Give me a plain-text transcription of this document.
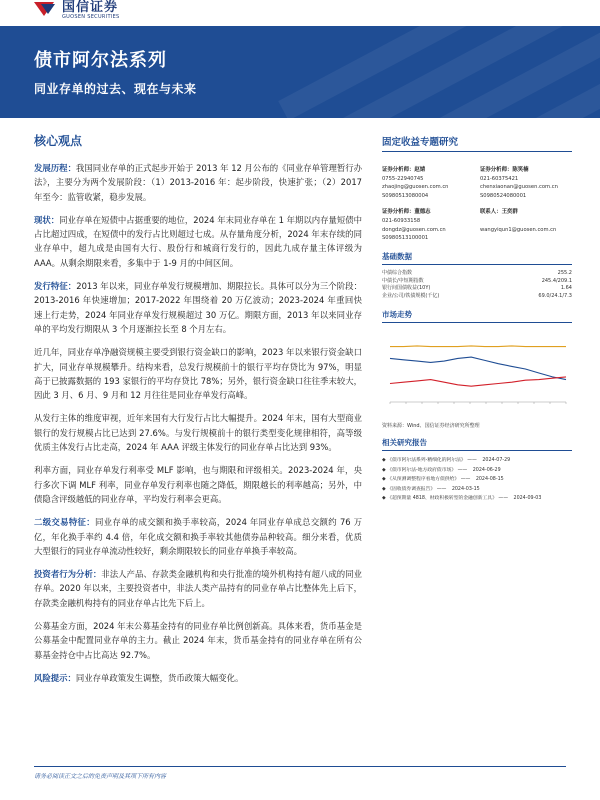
国信证券
GUOSEN SECURITIES
债市阿尔法系列
同业存单的过去、现在与未来
核心观点

发展历程：我国同业存单的正式起步开始于 2013 年 12 月公布的《同业存单管理暂行办法》，主要分为两个发展阶段：（1）2013-2016 年：起步阶段，快速扩张；（2）2017 年至今：监管收紧，稳步发展。

现状：同业存单在短债中占据重要的地位，2024 年末同业存单在 1 年期以内存量短债中占比超过四成，在短债中的发行占比则超过七成。从存量角度分析，2024 年末存续的同业存单中，超九成是由国有大行、股份行和城商行发行的，因此九成存量主体评级为 AAA。从剩余期限来看，多集中于 1-9 月的中间区间。

发行特征：2013 年以来，同业存单发行规模增加、期限拉长。具体可以分为三个阶段：2013-2016 年快速增加；2017-2022 年围绕着 20 万亿波动；2023-2024 年重回快速上行走势，2024 年同业存单发行规模超过 30 万亿。期限方面，2013 年以来同业存单的平均发行期限从 3 个月逐渐拉长至 8 个月左右。

近几年，同业存单净融资规模主要受到银行资金缺口的影响，2023 年以来银行资金缺口扩大，同业存单规模攀升。结构来看，总发行规模前十的银行平均存贷比为 97%，明显高于已披露数据的 193 家银行的平均存贷比 78%；另外，银行资金缺口往往季末较大，因此 3 月、6 月、9 月和 12 月往往是同业存单发行高峰。

从发行主体的维度审视，近年来国有大行发行占比大幅提升。2024 年末，国有大型商业银行的发行规模占比已达到 27.6%。与发行规模前十的银行类型变化规律相符，高等级优质主体发行占比走高，2024 年 AAA 评级主体发行的同业存单占比达到 93%。

利率方面，同业存单发行利率受 MLF 影响，也与期限和评级相关。2023-2024 年，央行多次下调 MLF 利率，同业存单发行利率也随之降低，期限越长的利率越高；另外，中债隐含评级越低的同业存单，平均发行利率会更高。

二级交易特征：同业存单的成交额和换手率较高，2024 年同业存单成总交额约 76 万亿，年化换手率约 4.4 倍，年化成交额和换手率较其他债券品种较高。细分来看，优质大型银行的同业存单流动性较好，剩余期限较长的同业存单换手率较高。

投资者行为分析：非法人产品、存款类金融机构和央行批准的境外机构持有超八成的同业存单。2020 年以来，主要投资者中，非法人类产品持有的同业存单占比整体先上后下，存款类金融机构持有的同业存单占比先下后上。

公募基金方面，2024 年末公募基金持有的同业存单比例创新高。具体来看，货币基金是公募基金中配置同业存单的主力。截止 2024 年末，货币基金持有的同业存单在所有公募基金持仓中占比高达 92.7%。

风险提示：同业存单政策发生调整，货币政策大幅变化。

固定收益专题研究
证券分析师：赵婧
0755-22940745
zhaojing@guosen.com.cn
S0980513080004
证券分析师：陈笑楠
021-60375421
chenxiaonan@guosen.com.cn
S0980524080001
证券分析师：董德志
021-60933158
dongdz@guosen.com.cn
S0980513100001
联系人：王奕群

wangyiqun1@guosen.com.cn

基础数据
中债综合指数	255.2
中债长/中短期指数	245.4/209.1
银行间国债收益(10Y)	1.64
企业/公司/铁债规模(千亿)	69.0/24.1/7.3
市场走势
资料来源：Wind、国信证券经济研究所整理
相关研究报告
◆ 《债市阿尔法系列-精细化的阿尔法》 —— 2024-07-29
◆ 《债市阿尔法-地方政府债市场》 —— 2024-06-29
◆ 《从预测调整程序看地方债供给》 —— 2024-08-15
◆ 《固收债券调查报告》 —— 2024-03-15
◆ 《超预期量 4818、财政积极转型的金融创新工具》 —— 2024-09-03
请务必阅读正文之后的免责声明及其项下所有内容
